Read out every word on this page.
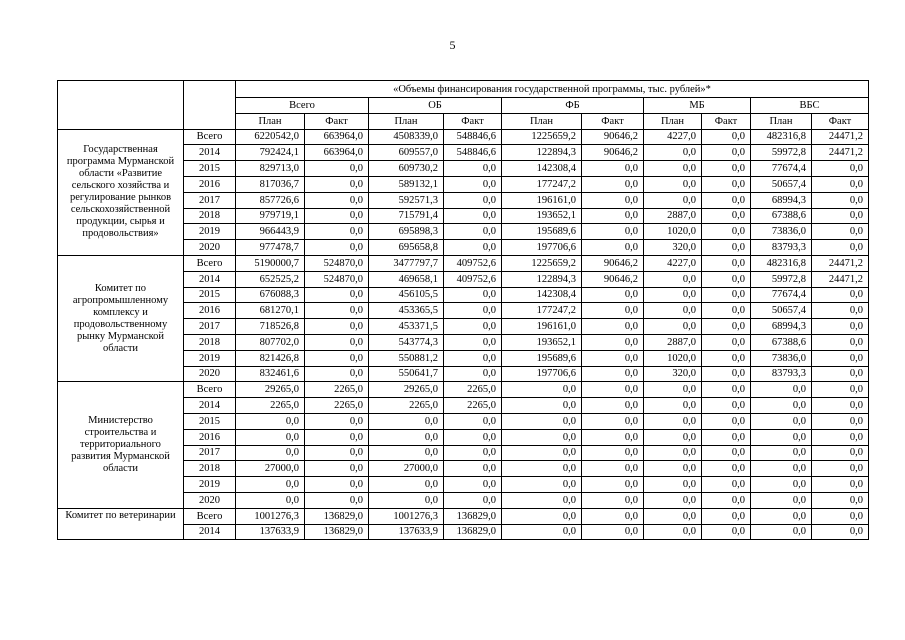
5
		«Объемы финансирования государственной программы, тыс. рублей»*									
		Всего		ОБ		ФБ		МБ		ВБС	
		План	Факт	План	Факт	План	Факт	План	Факт	План	Факт
Государственная программа Мурманской области «Развитие сельского хозяйства и регулирование рынков сельскохозяйственной продукции, сырья и продовольствия»	Всего	6220542,0	663964,0	4508339,0	548846,6	1225659,2	90646,2	4227,0	0,0	482316,8	24471,2
	2014	792424,1	663964,0	609557,0	548846,6	122894,3	90646,2	0,0	0,0	59972,8	24471,2
	2015	829713,0	0,0	609730,2	0,0	142308,4	0,0	0,0	0,0	77674,4	0,0
	2016	817036,7	0,0	589132,1	0,0	177247,2	0,0	0,0	0,0	50657,4	0,0
	2017	857726,6	0,0	592571,3	0,0	196161,0	0,0	0,0	0,0	68994,3	0,0
	2018	979719,1	0,0	715791,4	0,0	193652,1	0,0	2887,0	0,0	67388,6	0,0
	2019	966443,9	0,0	695898,3	0,0	195689,6	0,0	1020,0	0,0	73836,0	0,0
	2020	977478,7	0,0	695658,8	0,0	197706,6	0,0	320,0	0,0	83793,3	0,0
Комитет по агропромышленному комплексу и продовольственному рынку Мурманской области	Всего	5190000,7	524870,0	3477797,7	409752,6	1225659,2	90646,2	4227,0	0,0	482316,8	24471,2
	2014	652525,2	524870,0	469658,1	409752,6	122894,3	90646,2	0,0	0,0	59972,8	24471,2
	2015	676088,3	0,0	456105,5	0,0	142308,4	0,0	0,0	0,0	77674,4	0,0
	2016	681270,1	0,0	453365,5	0,0	177247,2	0,0	0,0	0,0	50657,4	0,0
	2017	718526,8	0,0	453371,5	0,0	196161,0	0,0	0,0	0,0	68994,3	0,0
	2018	807702,0	0,0	543774,3	0,0	193652,1	0,0	2887,0	0,0	67388,6	0,0
	2019	821426,8	0,0	550881,2	0,0	195689,6	0,0	1020,0	0,0	73836,0	0,0
	2020	832461,6	0,0	550641,7	0,0	197706,6	0,0	320,0	0,0	83793,3	0,0
Министерство строительства и территориального развития Мурманской области	Всего	29265,0	2265,0	29265,0	2265,0	0,0	0,0	0,0	0,0	0,0	0,0
	2014	2265,0	2265,0	2265,0	2265,0	0,0	0,0	0,0	0,0	0,0	0,0
	2015	0,0	0,0	0,0	0,0	0,0	0,0	0,0	0,0	0,0	0,0
	2016	0,0	0,0	0,0	0,0	0,0	0,0	0,0	0,0	0,0	0,0
	2017	0,0	0,0	0,0	0,0	0,0	0,0	0,0	0,0	0,0	0,0
	2018	27000,0	0,0	27000,0	0,0	0,0	0,0	0,0	0,0	0,0	0,0
	2019	0,0	0,0	0,0	0,0	0,0	0,0	0,0	0,0	0,0	0,0
	2020	0,0	0,0	0,0	0,0	0,0	0,0	0,0	0,0	0,0	0,0
Комитет по ветеринарии	Всего	1001276,3	136829,0	1001276,3	136829,0	0,0	0,0	0,0	0,0	0,0	0,0
	2014	137633,9	136829,0	137633,9	136829,0	0,0	0,0	0,0	0,0	0,0	0,0
